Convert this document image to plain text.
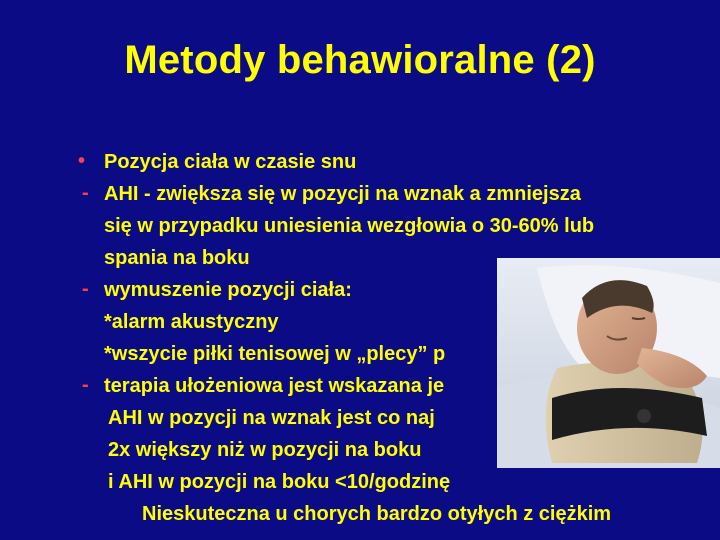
Metody behawioralne (2)
•
-
-
-
Pozycja ciała w czasie snu
AHI - zwiększa się w pozycji na wznak a zmniejsza
się w przypadku uniesienia wezgłowia o 30-60% lub
spania na boku
wymuszenie pozycji ciała:
*alarm akustyczny
*wszycie piłki tenisowej w „plecy” p
terapia ułożeniowa jest wskazana je
AHI w pozycji na wznak jest co naj
2x większy niż w pozycji na boku
i AHI w pozycji na boku <10/godzinę
Nieskuteczna u chorych bardzo otyłych z ciężkim
